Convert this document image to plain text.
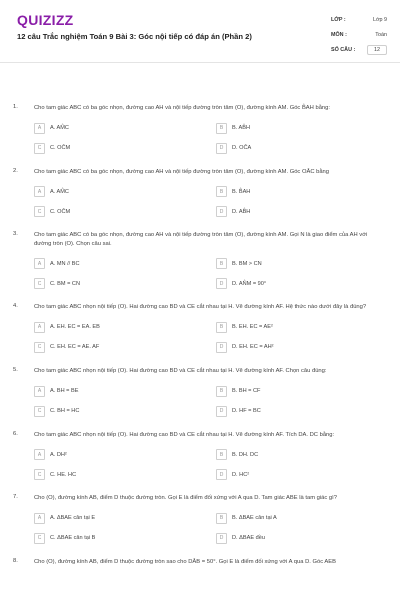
QUIZIZZ
12 câu Trắc nghiệm Toán 9 Bài 3: Góc nội tiếp có đáp án (Phần 2)
LỚP :	Lớp 9
MÔN :	Toán
SỐ CÂU :	12
1.	Cho tam giác ABC có ba góc nhọn, đường cao AH và nội tiếp đường tròn tâm (O), đường kính AM. Góc B̂AH bằng:
A	A. AM̂C	B	B. AB̂H
C	C. OĈM	D	D. OĈA
2.	Cho tam giác ABC có ba góc nhọn, đường cao AH và nội tiếp đường tròn tâm (O), đường kính AM. Góc OÂC bằng
A	A. AM̂C	B	B. B̂AH
C	C. OĈM	D	D. AB̂H
3.	Cho tam giác ABC có ba góc nhọn, đường cao AH và nội tiếp đường tròn tâm (O), đường kính AM. Gọi N là giao điểm của AH với đường tròn (O). Chọn câu sai.
A	A. MN // BC	B	B. BM > CN
C	C. BM = CN	D	D. AN̂M = 90°
4.	Cho tam giác ABC nhọn nội tiếp (O). Hai đường cao BD và CE cắt nhau tại H. Vẽ đường kính AF. Hệ thức nào dưới đây là đúng?
A	A. EH. EC = EA. EB	B	B. EH. EC = AE²
C	C. EH. EC = AE. AF	D	D. EH. EC = AH²
5.	Cho tam giác ABC nhọn nội tiếp (O). Hai đường cao BD và CE cắt nhau tại H. Vẽ đường kính AF. Chọn câu đúng:
A	A. BH = BE	B	B. BH = CF
C	C. BH = HC	D	D. HF = BC
6.	Cho tam giác ABC nhọn nội tiếp (O). Hai đường cao BD và CE cắt nhau tại H. Vẽ đường kính AF. Tích DA. DC bằng:
A	A. DH²	B	B. DH. DC
C	C. HE. HC	D	D. HC²
7.	Cho (O), đường kính AB, điểm D thuộc đường tròn. Gọi E là điểm đối xứng với A qua D. Tam giác ABE là tam giác gì?
A	A. ΔBAE cân tại E	B	B. ΔBAE cân tại A
C	C. ΔBAE cân tại B	D	D. ΔBAE đều
8.	Cho (O), đường kính AB, điểm D thuộc đường tròn sao cho DÂB = 50°. Gọi E là điểm đối xứng với A qua D. Góc AEB
